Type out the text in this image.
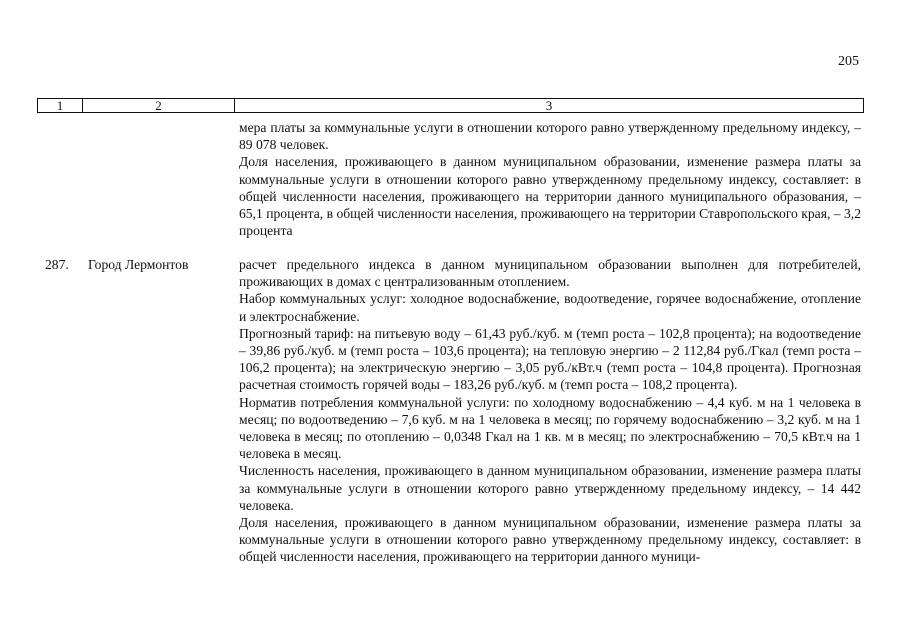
205
1	2	3

мера платы за коммунальные услуги в отношении которого равно утвержденному предельному индексу, – 89 078 человек.

Доля населения, проживающего в данном муниципальном образовании, изменение размера платы за коммунальные услуги в отношении которого равно утвержденному предельному индексу, составляет: в общей численности населения, проживающего на территории данного муниципального образования, – 65,1 процента, в общей численности населения, проживающего на территории Ставропольского края, – 3,2 процента

287. Город Лермонтов	расчет предельного индекса в данном муниципальном образовании выполнен для потребителей, проживающих в домах с централизованным отоплением.

Набор коммунальных услуг: холодное водоснабжение, водоотведение, горячее водоснабжение, отопление и электроснабжение.

Прогнозный тариф: на питьевую воду – 61,43 руб./куб. м (темп роста – 102,8 процента); на водоотведение – 39,86 руб./куб. м (темп роста – 103,6 процента); на тепловую энергию – 2 112,84 руб./Гкал (темп роста – 106,2 процента); на электрическую энергию – 3,05 руб./кВт.ч (темп роста – 104,8 процента). Прогнозная расчетная стоимость горячей воды – 183,26 руб./куб. м (темп роста – 108,2 процента).

Норматив потребления коммунальной услуги: по холодному водоснабжению – 4,4 куб. м на 1 человека в месяц; по водоотведению – 7,6 куб. м на 1 человека в месяц; по горячему водоснабжению – 3,2 куб. м на 1 человека в месяц; по отоплению – 0,0348 Гкал на 1 кв. м в месяц; по электроснабжению – 70,5 кВт.ч на 1 человека в месяц.

Численность населения, проживающего в данном муниципальном образовании, изменение размера платы за коммунальные услуги в отношении которого равно утвержденному предельному индексу, – 14 442 человека.

Доля населения, проживающего в данном муниципальном образовании, изменение размера платы за коммунальные услуги в отношении которого равно утвержденному предельному индексу, составляет: в общей численности населения, проживающего на территории данного муници-
